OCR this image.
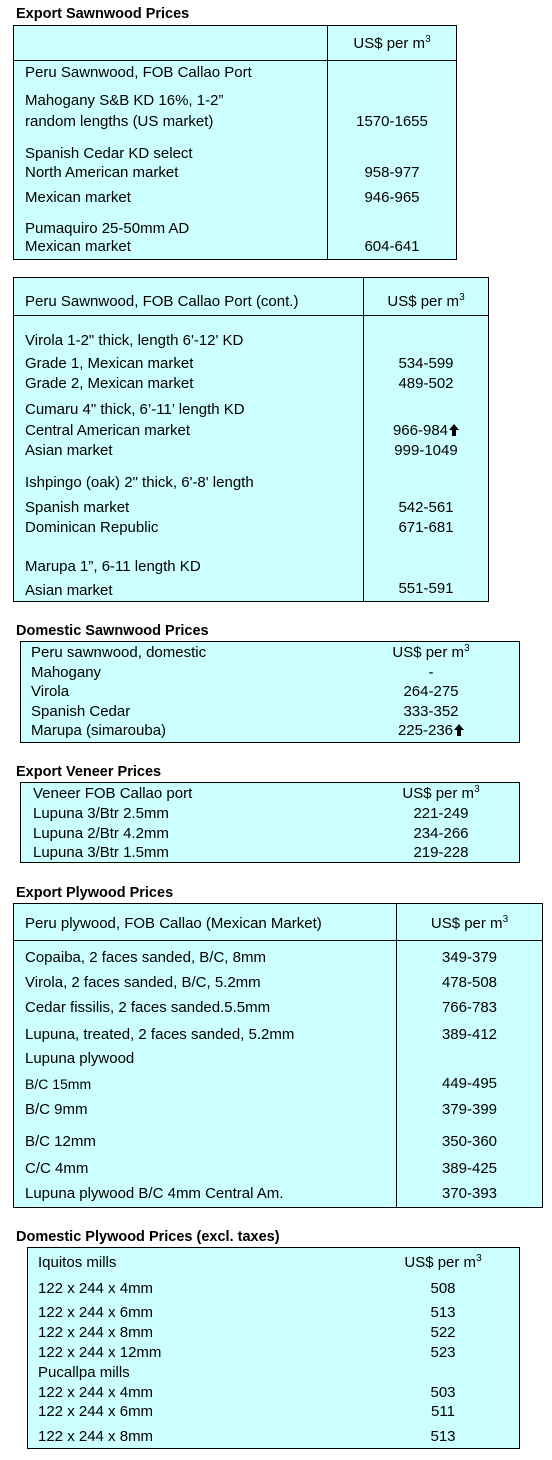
Export Sawnwood Prices
US$ per $m^3$
Peru Sawnwood, FOB Callao Port
Mahogany S&B KD 16%, 1-2”
random lengths (US market)	1570-1655
Spanish Cedar KD select
North American market	958-977
Mexican market	946-965
Pumaquiro 25-50mm AD
Mexican market	604-641
Peru Sawnwood, FOB Callao Port (cont.)	US$ per $m^3$
Virola 1-2" thick, length 6'-12' KD
Grade 1, Mexican market	534-599
Grade 2, Mexican market	489-502
Cumaru 4" thick, 6’-11’ length KD
Central American market	966-984
Asian market	999-1049
Ishpingo (oak) 2" thick, 6'-8' length
Spanish market	542-561
Dominican Republic	671-681
Marupa 1”, 6-11 length KD
Asian market	551-591
Domestic Sawnwood Prices
Peru sawnwood, domestic	US$ per $m^3$
Mahogany	-
Virola	264-275
Spanish Cedar	333-352
Marupa (simarouba)	225-236
Export Veneer Prices
Veneer FOB Callao port	US$ per $m^3$
Lupuna 3/Btr 2.5mm	221-249
Lupuna 2/Btr 4.2mm	234-266
Lupuna 3/Btr 1.5mm	219-228
Export Plywood Prices
Peru plywood, FOB Callao (Mexican Market)	US$ per $m^3$
Copaiba, 2 faces sanded, B/C, 8mm	349-379
Virola, 2 faces sanded, B/C, 5.2mm	478-508
Cedar fissilis, 2 faces sanded.5.5mm	766-783
Lupuna, treated, 2 faces sanded, 5.2mm	389-412
Lupuna plywood
B/C 15mm	449-495
B/C 9mm	379-399
B/C 12mm	350-360
C/C 4mm	389-425
Lupuna plywood B/C 4mm Central Am.	370-393
Domestic Plywood Prices (excl. taxes)
Iquitos mills	US$ per $m^3$
122 x 244 x 4mm	508
122 x 244 x 6mm	513
122 x 244 x 8mm	522
122 x 244 x 12mm	523
Pucallpa mills
122 x 244 x 4mm	503
122 x 244 x 6mm	511
122 x 244 x 8mm	513
